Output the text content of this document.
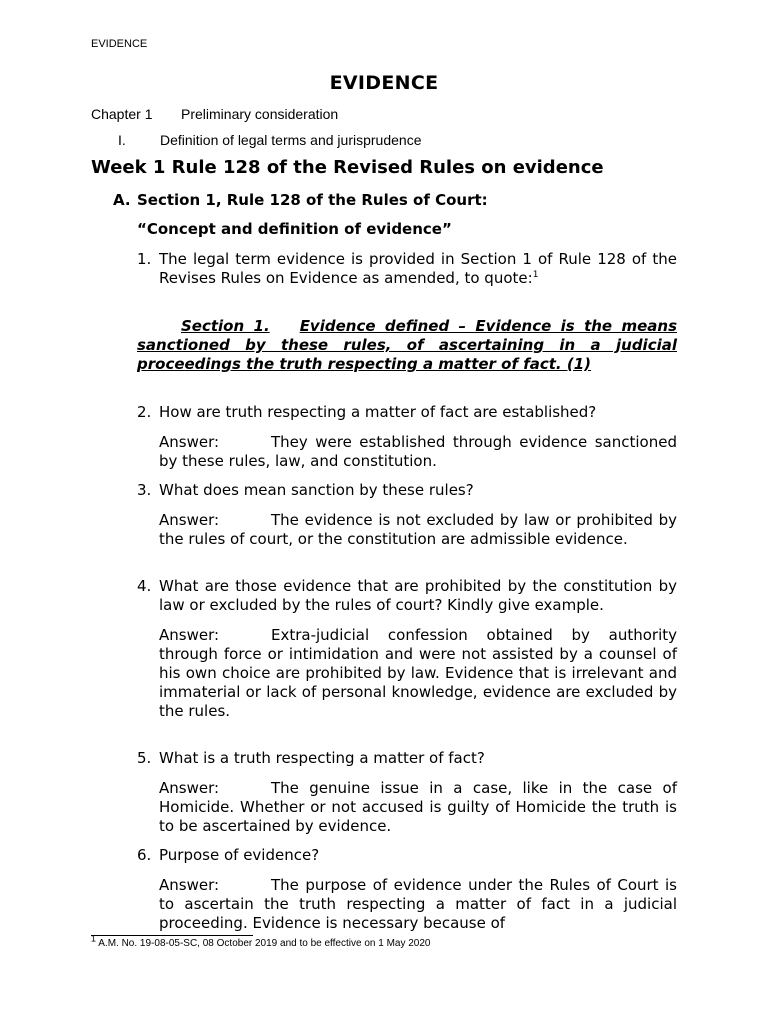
EVIDENCE
EVIDENCE
Chapter 1 Preliminary consideration
I. Definition of legal terms and jurisprudence
Week 1 Rule 128 of the Revised Rules on evidence
A. Section 1, Rule 128 of the Rules of Court:
“Concept and definition of evidence”
1. The legal term evidence is provided in Section 1 of Rule 128 of the Revises Rules on Evidence as amended, to quote:$^1$
Section 1. Evidence defined – Evidence is the means sanctioned by these rules, of ascertaining in a judicial proceedings the truth respecting a matter of fact. (1)
2. How are truth respecting a matter of fact are established?
Answer:	They were established through evidence sanctioned by these rules, law, and constitution.
3. What does mean sanction by these rules?
Answer:	The evidence is not excluded by law or prohibited by the rules of court, or the constitution are admissible evidence.
4. What are those evidence that are prohibited by the constitution by law or excluded by the rules of court? Kindly give example.
Answer:	Extra-judicial confession obtained by authority through force or intimidation and were not assisted by a counsel of his own choice are prohibited by law. Evidence that is irrelevant and immaterial or lack of personal knowledge, evidence are excluded by the rules.
5. What is a truth respecting a matter of fact?
Answer:	The genuine issue in a case, like in the case of Homicide. Whether or not accused is guilty of Homicide the truth is to be ascertained by evidence.
6. Purpose of evidence?
Answer:	The purpose of evidence under the Rules of Court is to ascertain the truth respecting a matter of fact in a judicial proceeding. Evidence is necessary because of
$^1$ A.M. No. 19-08-05-SC, 08 October 2019 and to be effective on 1 May 2020
